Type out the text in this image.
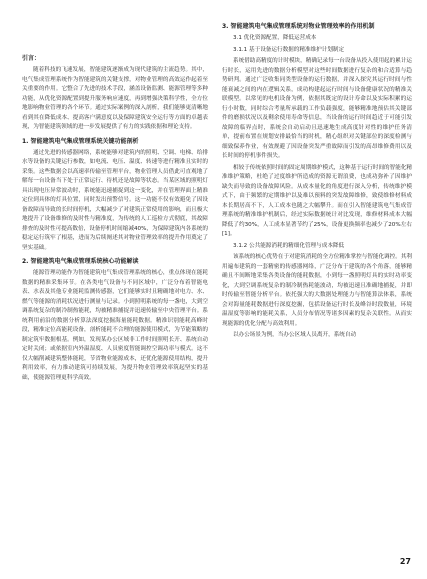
引言：

随着科技的飞速发展，智能建筑逐渐成为现代建筑的主流趋势。其中，电气集成管理系统作为智能建筑的关键支撑，对物业管理的高效运作起着至关重要的作用。它整合了先进的技术手段，涵盖设备监测、能源管理等多种功能，从优化资源配置到提升服务响应速度，再到增强决策科学性，全方位地影响物业管理的各个环节。通过实际案例的深入剖析，我们能够更清晰地看到其在降低成本、提高客户满意度以及保障建筑安全运行等方面的卓越表现，为智能建筑领域的进一步发展提供了有力的实践依据和理论支持。

1. 智能建筑电气集成管理系统关键功能剖析

通过先进的传感器网络，系统能够对建筑内的照明、空调、电梯、给排水等设备的关键运行参数，如电流、电压、温度、转速等进行精准且实时的采集。这些数据会以高速率传输至管理平台，物业管理人员借此可直观地了解每一台设备当下处于正常运行、待机还是故障等状态。当某区域的照明灯具出现电压异常波动时，系统能迅速捕捉到这一变化，并在管理界面上精准定位到具体的灯具位置，同时发出预警信号。这一功能不仅有效避免了因设备故障而导致的长时间停机，大幅减少了对建筑正常使用的影响，而且极大地提升了设备维修的及时性与精准度，为传统的人工巡检方式彻底，其故障排查的及时性可提高数倍，设备停机时间缩减40%，为保障建筑内各系统的稳定运行筑牢了根基，进而为后续阐述其对物业管理效率的提升作用奠定了坚实基础。

2. 智能建筑电气集成管理系统核心功能解读

能源管理功能作为智能建筑电气集成管理系统的核心，重点体现在能耗数据的精准采集环节。在各类电气设备与不同区域中，广泛分布着智能电表、水表及其他专业能耗监测传感器，它们能够实时且精确地对电力、水、燃气等能源的消耗状况进行测量与记录。小到照明系统的每一盏电，大到空调系统复杂的制冷制热能耗，均被精准捕捉并迅速传输至中央管理平台。系统利用前沿的数据分析算法深度挖掘海量能耗数据。精准识别能耗高峰时段，精准定位高能耗设备，剖析能耗不合理的能源使用模式，为节能策略的制定筑牢数据根基。例如，发现某办公区域非工作时间照明长开、系统自动定时关闭；或依据室内外温湿度、人员密度智能调控空调功率与模式。这不仅大幅削减建筑整体能耗，节省物业能源成本，还优化能源使用结构，提升利用效率，有力推动建筑可持续发展，为提升物业管理效率筑起坚实的基础，使能源管理更科学高效。

3. 智能建筑电气集成管理系统对物业管理效率的作用机制
3.1 优化资源配置，降低运营成本
3.1.1 基于设备运行数据的精准维护计划制定

系统借助高精度的计时模块，精确记录每一台设备从投入使用起的累计运行时长，运用先进的数据分析模型对这些时间数据进行复杂的和合适算与趋势研判。通过广泛收集同类型设备的运行数据，并深入探究其运行时间与性能衰减之间的内在逻辑关系，成功构建起运行时间与设备健康状况的精准关联模型。以常见的电机设备为例，依据其既定的设计寿命以及实际积累的运行小时数，同时综合考量所承载的工作负载强度，能够精准地预估其关键部件的磨损状况以及剩余使用寿命等信息，当设备的运行时间趋近于可能引发故障的临界点时，系统会自动启动且迅速地生成高度针对性的维护任务清单，提前布置在规划安排最恰当的时机，精心组织对关键部位的深度检测与细致保养作业，有效规避了因设备突发严重故障而引发的高昂维修费用以及长时间的停机事件损失。

相较于传统依照时间的固定周期维护模式，这种基于运行时间的智能化精准维护策略，杜绝了过度维护所造成的资源无谓浪费，也成功弥补了因维护缺失而导致的设备故障风险。从成本量化的角度进行深入分析，传统维护模式下，由于频繁的定期维护以及难以预料的突发故障维修，致使维修材料成本长期居高不下，人工成本也随之大幅攀升。而在引入智能建筑电气集成管理系统的精准维护机制后，经过实际数据统计对比发现，维修材料成本大幅降低了约30%，人工成本显著节约了25%，设备更换频率也减少了20%左右[1]。

3.1.2 公共能源消耗的精细化管理与成本降低

该系统的核心优势在于对建筑消耗的全方位精准掌控与智能化调控。其利用遍布建筑的一套精密的传感器网络，广泛分布于建筑的各个角落，能够精确且不间断地采集各类设备的能耗数据，小到每一盏照明灯具的实时功率变化，大到空调系统复杂的制冷制热耗能波动，均被迅速且准确地捕捉，并即时传输至智能分析平台。依托强大的大数据处理能力与智能算法体系，系统会对海量能耗数据进行深度挖掘，包括设备运行时长及峰谷时段数量，环境温湿度等影响的能耗关系，人员分布情况等诸多因素的复杂关联性。从而实现能源的优化分配与高效利用。

以办公场景为例，当办公区域人员离开，系统自动

27
